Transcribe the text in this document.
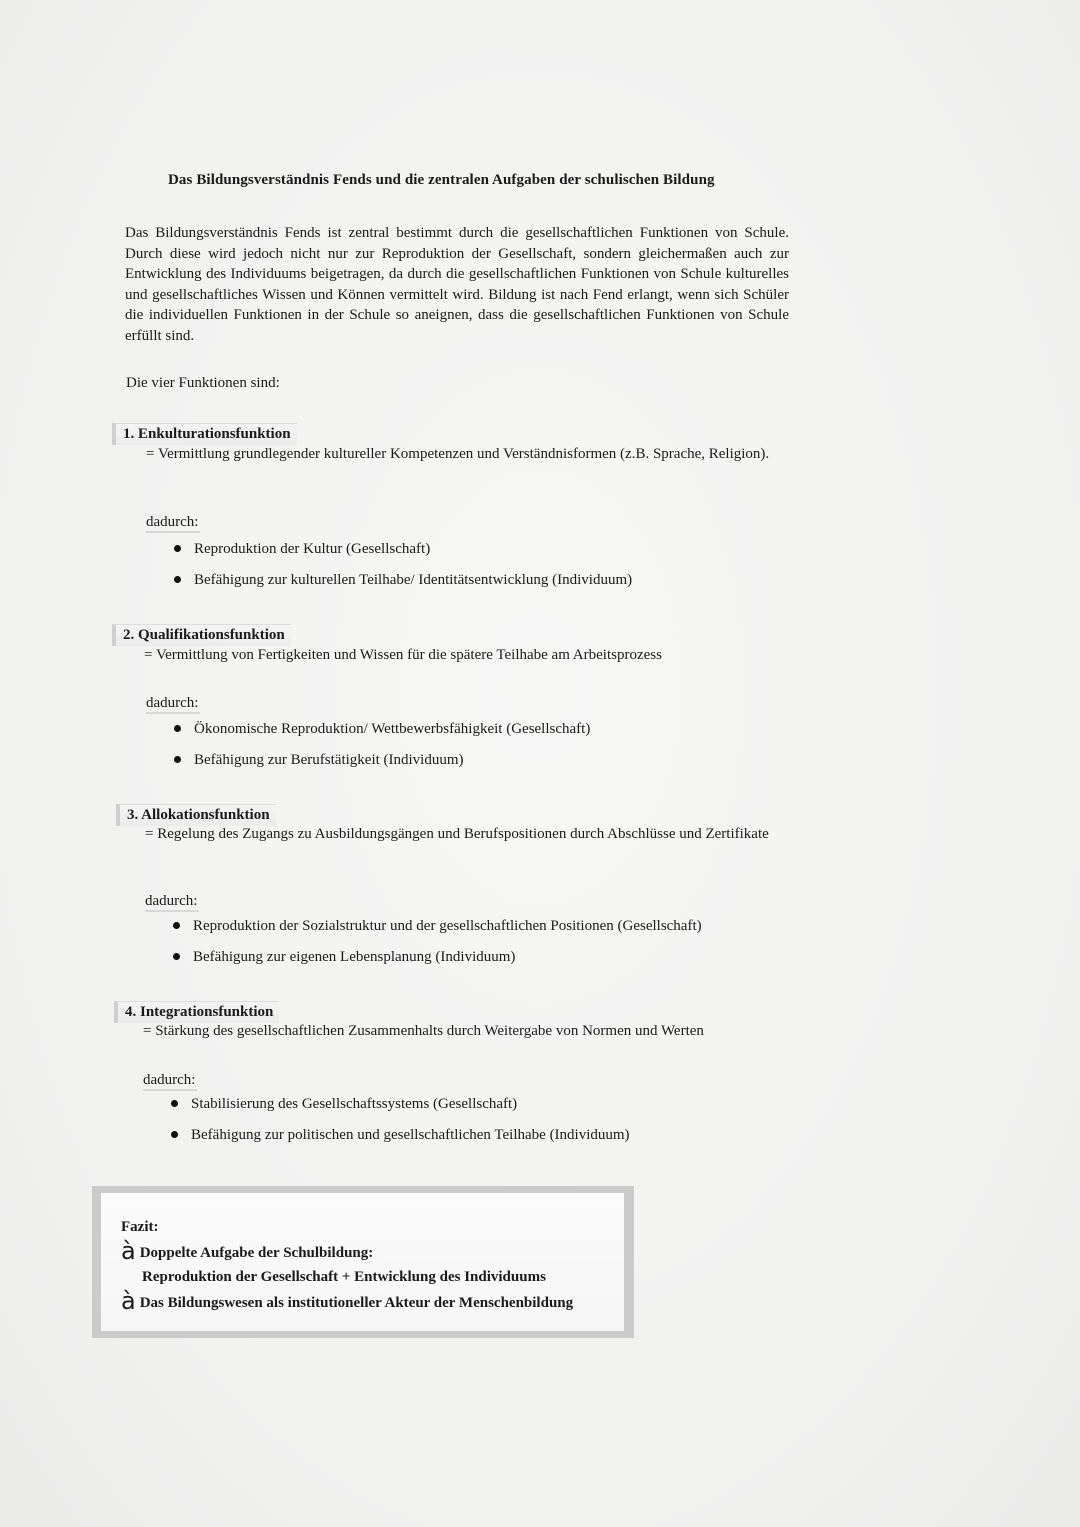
Das Bildungsverständnis Fends und die zentralen Aufgaben der schulischen Bildung
Das Bildungsverständnis Fends ist zentral bestimmt durch die gesellschaftlichen Funktionen von Schule. Durch diese wird jedoch nicht nur zur Reproduktion der Gesellschaft, sondern gleichermaßen auch zur Entwicklung des Individuums beigetragen, da durch die gesellschaftlichen Funktionen von Schule kulturelles und gesellschaftliches Wissen und Können vermittelt wird. Bildung ist nach Fend erlangt, wenn sich Schüler die individuellen Funktionen in der Schule so aneignen, dass die gesellschaftlichen Funktionen von Schule erfüllt sind.
Die vier Funktionen sind:
1. Enkulturationsfunktion
= Vermittlung grundlegender kultureller Kompetenzen und Verständnisformen (z.B. Sprache, Religion).
dadurch:
Reproduktion der Kultur (Gesellschaft)
Befähigung zur kulturellen Teilhabe/ Identitätsentwicklung (Individuum)
2. Qualifikationsfunktion
= Vermittlung von Fertigkeiten und Wissen für die spätere Teilhabe am Arbeitsprozess
dadurch:
Ökonomische Reproduktion/ Wettbewerbsfähigkeit (Gesellschaft)
Befähigung zur Berufstätigkeit (Individuum)
3. Allokationsfunktion
= Regelung des Zugangs zu Ausbildungsgängen und Berufspositionen durch Abschlüsse und Zertifikate
dadurch:
Reproduktion der Sozialstruktur und der gesellschaftlichen Positionen (Gesellschaft)
Befähigung zur eigenen Lebensplanung (Individuum)
4. Integrationsfunktion
= Stärkung des gesellschaftlichen Zusammenhalts durch Weitergabe von Normen und Werten
dadurch:
Stabilisierung des Gesellschaftssystems (Gesellschaft)
Befähigung zur politischen und gesellschaftlichen Teilhabe (Individuum)
Fazit:
à Doppelte Aufgabe der Schulbildung:
Reproduktion der Gesellschaft + Entwicklung des Individuums
à Das Bildungswesen als institutioneller Akteur der Menschenbildung
